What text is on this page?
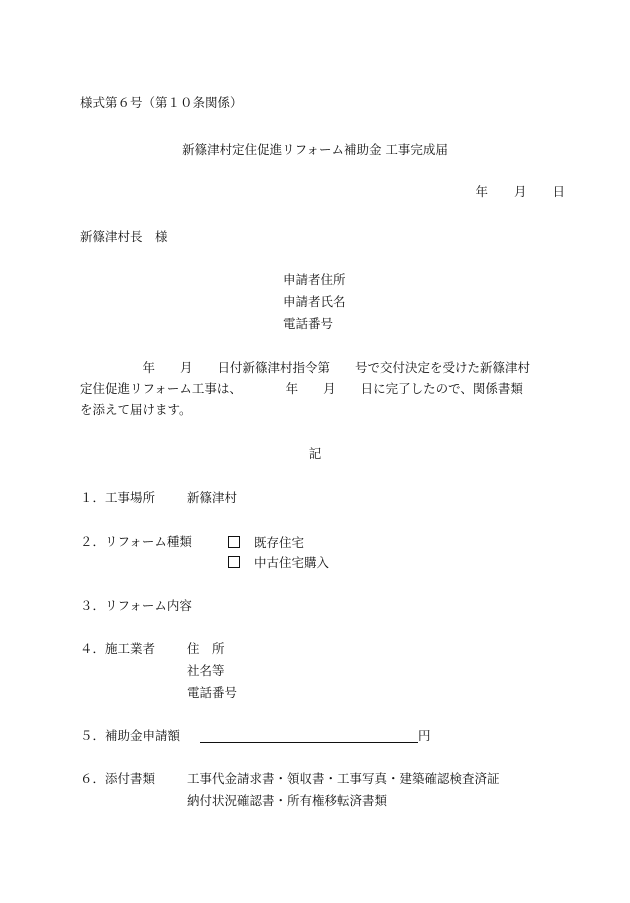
様式第６号（第１０条関係）
新篠津村定住促進リフォーム補助金 工事完成届
年 月 日
新篠津村長　様
申請者住所
申請者氏名
電話番号
　　　　　年　　月　　日付新篠津村指令第　　号で交付決定を受けた新篠津村
定住促進リフォーム工事は、　　　　年　　月　　日に完了したので、関係書類
を添えて届けます。
記
１．工事場所	新篠津村
２．リフォーム種類	既存住宅
中古住宅購入
３．リフォーム内容
４．施工業者	住　所
社名等
電話番号
５．補助金申請額	円
６．添付書類	工事代金請求書・領収書・工事写真・建築確認検査済証
納付状況確認書・所有権移転済書類
